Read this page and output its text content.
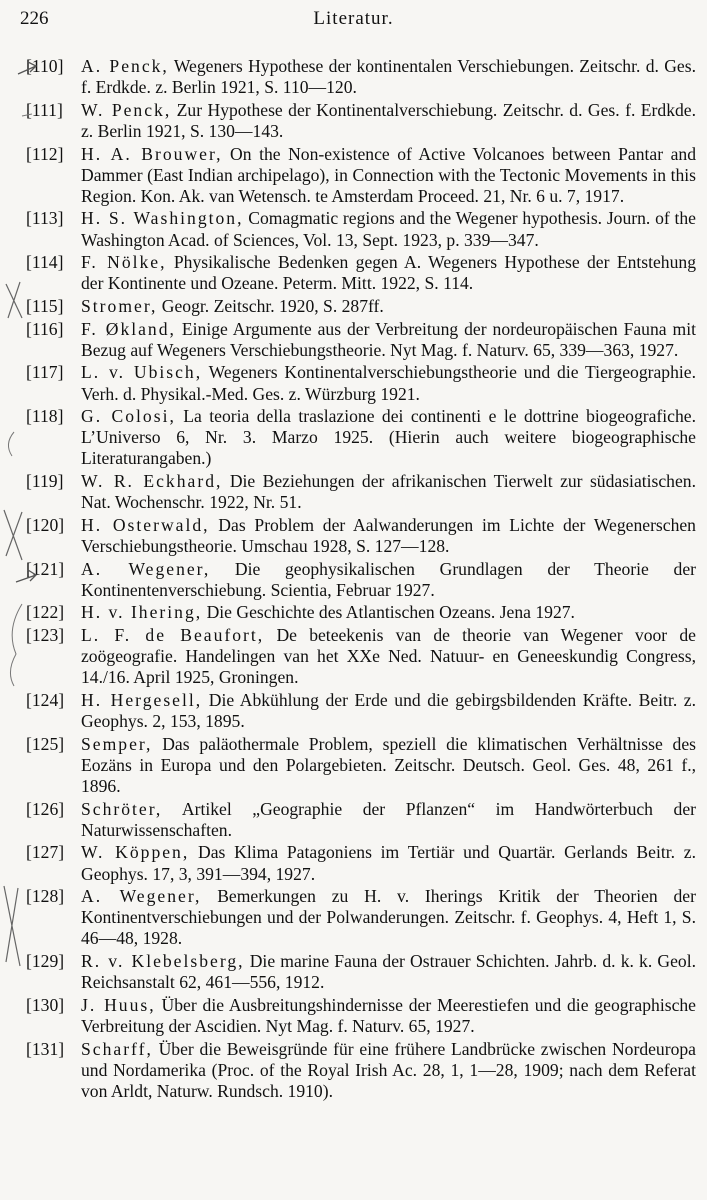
226	Literatur.
[110] A. Penck, Wegeners Hypothese der kontinentalen Verschiebungen. Zeitschr. d. Ges. f. Erdkde. z. Berlin 1921, S. 110—120.
[111]	W. Penck, Zur Hypothese der Kontinentalverschiebung. Zeitschr. d. Ges. f. Erdkde. z. Berlin 1921, S. 130—143.
[112] H. A. Brouwer, On the Non-existence of Active Volcanoes between Pantar and Dammer (East Indian archipelago), in Connection with the Tectonic Movements in this Region. Kon. Ak. van Wetensch. te Amsterdam Proceed. 21, Nr. 6 u. 7, 1917.
[113] H. S. Washington, Comagmatic regions and the Wegener hypothesis. Journ. of the Washington Acad. of Sciences, Vol. 13, Sept. 1923, p. 339—347.
[114] F. Nölke, Physikalische Bedenken gegen A. Wegeners Hypothese der Entstehung der Kontinente und Ozeane. Peterm. Mitt. 1922, S. 114.
[115] Stromer, Geogr. Zeitschr. 1920, S. 287ff.
[116] F. Økland, Einige Argumente aus der Verbreitung der nordeuropäischen Fauna mit Bezug auf Wegeners Verschiebungstheorie. Nyt Mag. f. Naturv. 65, 339—363, 1927.
[117] L. v. Ubisch, Wegeners Kontinentalverschiebungstheorie und die Tiergeographie. Verh. d. Physikal.-Med. Ges. z. Würzburg 1921.
[118] G. Colosi, La teoria della traslazione dei continenti e le dottrine biogeografiche. L’Universo 6, Nr. 3. Marzo 1925. (Hierin auch weitere biogeographische Literaturangaben.)
[119] W. R. Eckhard, Die Beziehungen der afrikanischen Tierwelt zur südasiatischen. Nat. Wochenschr. 1922, Nr. 51.
[120] H. Osterwald, Das Problem der Aalwanderungen im Lichte der Wegenerschen Verschiebungstheorie. Umschau 1928, S. 127—128.
[121] A. Wegener, Die geophysikalischen Grundlagen der Theorie der Kontinentenverschiebung. Scientia, Februar 1927.
[122] H. v. Ihering, Die Geschichte des Atlantischen Ozeans. Jena 1927.
[123] L. F. de Beaufort, De beteekenis van de theorie van Wegener voor de zoögeografie. Handelingen van het XXe Ned. Natuur- en Geneeskundig Congress, 14./16. April 1925, Groningen.
[124] H. Hergesell, Die Abkühlung der Erde und die gebirgsbildenden Kräfte. Beitr. z. Geophys. 2, 153, 1895.
[125] Semper, Das paläothermale Problem, speziell die klimatischen Verhältnisse des Eozäns in Europa und den Polargebieten. Zeitschr. Deutsch. Geol. Ges. 48, 261 f., 1896.
[126] Schröter, Artikel „Geographie der Pflanzen“ im Handwörterbuch der Naturwissenschaften.
[127] W. Köppen, Das Klima Patagoniens im Tertiär und Quartär. Gerlands Beitr. z. Geophys. 17, 3, 391—394, 1927.
[128] A. Wegener, Bemerkungen zu H. v. Iherings Kritik der Theorien der Kontinentverschiebungen und der Polwanderungen. Zeitschr. f. Geophys. 4, Heft 1, S. 46—48, 1928.
[129] R. v. Klebelsberg, Die marine Fauna der Ostrauer Schichten. Jahrb. d. k. k. Geol. Reichsanstalt 62, 461—556, 1912.
[130] J. Huus, Über die Ausbreitungshindernisse der Meerestiefen und die geographische Verbreitung der Ascidien. Nyt Mag. f. Naturv. 65, 1927.
[131] Scharff, Über die Beweisgründe für eine frühere Landbrücke zwischen Nordeuropa und Nordamerika (Proc. of the Royal Irish Ac. 28, 1, 1—28, 1909; nach dem Referat von Arldt, Naturw. Rundsch. 1910).
